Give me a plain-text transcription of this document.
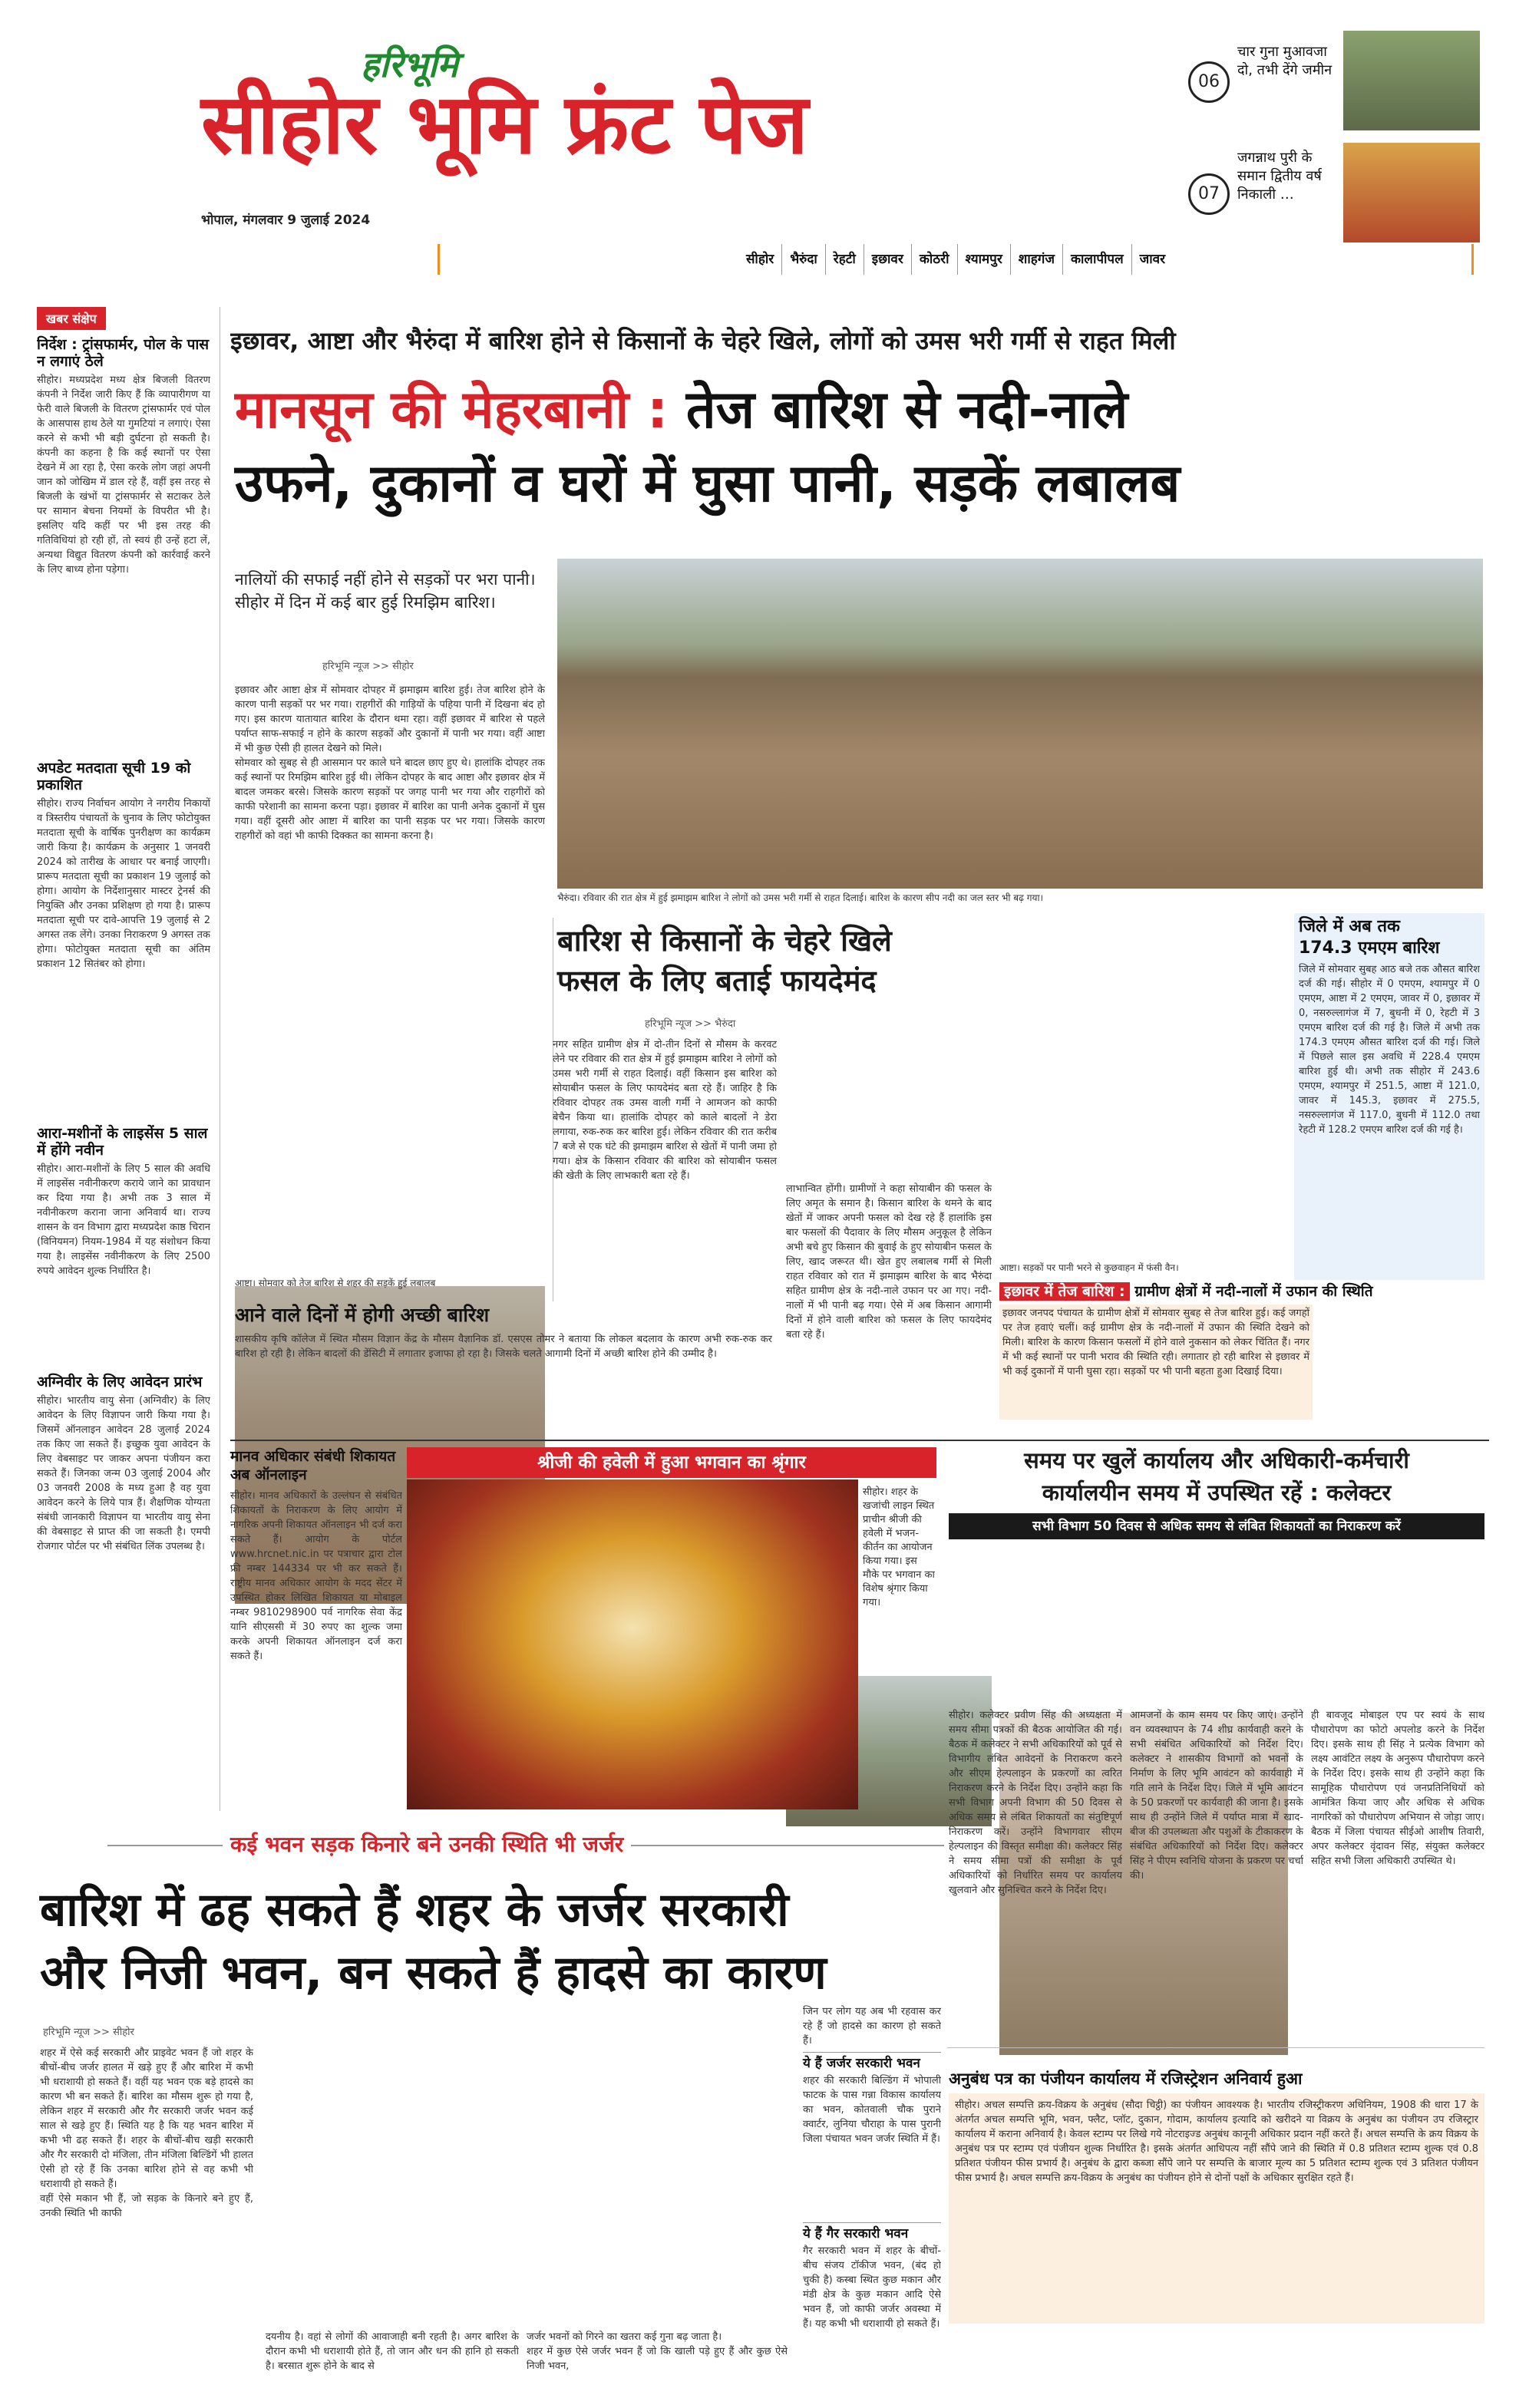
हरिभूमि
सीहोर भूमि फ्रंट पेज
भोपाल, मंगलवार 9 जुलाई 2024
06
चार गुना मुआवजा दो, तभी देंगे जमीन
07
जगन्नाथ पुरी के समान द्वितीय वर्ष निकाली …
सीहोर	भैरुंदा	रेहटी	इछावर	कोठरी	श्यामपुर	शाहगंज	कालापीपल	जावर
खबर संक्षेप
निर्देश : ट्रांसफार्मर, पोल के पास न लगाएं ठेले
सीहोर। मध्यप्रदेश मध्य क्षेत्र बिजली वितरण कंपनी ने निर्देश जारी किए हैं कि व्यापारीगण या फेरी वाले बिजली के वितरण ट्रांसफार्मर एवं पोल के आसपास हाथ ठेले या गुमटियां न लगाएं। ऐसा करने से कभी भी बड़ी दुर्घटना हो सकती है। कंपनी का कहना है कि कई स्थानों पर ऐसा देखने में आ रहा है, ऐसा करके लोग जहां अपनी जान को जोखिम में डाल रहे हैं, वहीं इस तरह से बिजली के खंभों या ट्रांसफार्मर से सटाकर ठेले पर सामान बेचना नियमों के विपरीत भी है। इसलिए यदि कहीं पर भी इस तरह की गतिविधियां हो रही हों, तो स्वयं ही उन्हें हटा लें, अन्यथा विद्युत वितरण कंपनी को कार्रवाई करने के लिए बाध्य होना पड़ेगा।
अपडेट मतदाता सूची 19 को प्रकाशित
सीहोर। राज्य निर्वाचन आयोग ने नगरीय निकायों व त्रिस्तरीय पंचायतों के चुनाव के लिए फोटोयुक्त मतदाता सूची के वार्षिक पुनरीक्षण का कार्यक्रम जारी किया है। कार्यक्रम के अनुसार 1 जनवरी 2024 को तारीख के आधार पर बनाई जाएगी। प्रारूप मतदाता सूची का प्रकाशन 19 जुलाई को होगा। आयोग के निर्देशानुसार मास्टर ट्रेनर्स की नियुक्ति और उनका प्रशिक्षण हो गया है। प्रारूप मतदाता सूची पर दावे-आपत्ति 19 जुलाई से 2 अगस्त तक लेंगे। उनका निराकरण 9 अगस्त तक होगा। फोटोयुक्त मतदाता सूची का अंतिम प्रकाशन 12 सितंबर को होगा।
आरा-मशीनों के लाइसेंस 5 साल में होंगे नवीन
सीहोर। आरा-मशीनों के लिए 5 साल की अवधि में लाइसेंस नवीनीकरण कराये जाने का प्रावधान कर दिया गया है। अभी तक 3 साल में नवीनीकरण कराना जाना अनिवार्य था। राज्य शासन के वन विभाग द्वारा मध्यप्रदेश काष्ठ चिरान (विनियमन) नियम-1984 में यह संशोधन किया गया है। लाइसेंस नवीनीकरण के लिए 2500 रुपये आवेदन शुल्क निर्धारित है।
अग्निवीर के लिए आवेदन प्रारंभ
सीहोर। भारतीय वायु सेना (अग्निवीर) के लिए आवेदन के लिए विज्ञापन जारी किया गया है। जिसमें ऑनलाइन आवेदन 28 जुलाई 2024 तक किए जा सकते हैं। इच्छुक युवा आवेदन के लिए वेबसाइट पर जाकर अपना पंजीयन करा सकते हैं। जिनका जन्म 03 जुलाई 2004 और 03 जनवरी 2008 के मध्य हुआ है वह युवा आवेदन करने के लिये पात्र हैं। शैक्षणिक योग्यता संबंधी जानकारी विज्ञापन या भारतीय वायु सेना की वेबसाइट से प्राप्त की जा सकती है। एमपी रोजगार पोर्टल पर भी संबंधित लिंक उपलब्ध है।
इछावर, आष्टा और भैरुंदा में बारिश होने से किसानों के चेहरे खिले, लोगों को उमस भरी गर्मी से राहत मिली
मानसून की मेहरबानी : तेज बारिश से नदी-नाले
उफने, दुकानों व घरों में घुसा पानी, सड़कें लबालब
नालियों की सफाई नहीं होने से सड़कों पर भरा पानी। सीहोर में दिन में कई बार हुई रिमझिम बारिश।
हरिभूमि न्यूज >> सीहोर
इछावर और आष्टा क्षेत्र में सोमवार दोपहर में झमाझम बारिश हुई। तेज बारिश होने के कारण पानी सड़कों पर भर गया। राहगीरों की गाड़ियों के पहिया पानी में दिखना बंद हो गए। इस कारण यातायात बारिश के दौरान थमा रहा। वहीं इछावर में बारिश से पहले पर्याप्त साफ-सफाई न होने के कारण सड़कों और दुकानों में पानी भर गया। वहीं आष्टा में भी कुछ ऐसी ही हालत देखने को मिले।
सोमवार को सुबह से ही आसमान पर काले घने बादल छाए हुए थे। हालांकि दोपहर तक कई स्थानों पर रिमझिम बारिश हुई थी। लेकिन दोपहर के बाद आष्टा और इछावर क्षेत्र में बादल जमकर बरसे। जिसके कारण सड़कों पर जगह पानी भर गया और राहगीरों को काफी परेशानी का सामना करना पड़ा। इछावर में बारिश का पानी अनेक दुकानों में घुस गया। वहीं दूसरी ओर आष्टा में बारिश का पानी सड़क पर भर गया। जिसके कारण राहगीरों को वहां भी काफी दिक्कत का सामना करना है।
भैरुंदा। रविवार की रात क्षेत्र में हुई झमाझम बारिश ने लोगों को उमस भरी गर्मी से राहत दिलाई। बारिश के कारण सीप नदी का जल स्तर भी बढ़ गया।
आष्टा। सोमवार को तेज बारिश से शहर की सड़कें हुई लबालब
आने वाले दिनों में होगी अच्छी बारिश
शासकीय कृषि कॉलेज में स्थित मौसम विज्ञान केंद्र के मौसम वैज्ञानिक डॉ. एसएस तोमर ने बताया कि लोकल बदलाव के कारण अभी रुक-रुक कर बारिश हो रही है। लेकिन बादलों की डेंसिटी में लगातार इजाफा हो रहा है। जिसके चलते आगामी दिनों में अच्छी बारिश होने की उम्मीद है।
बारिश से किसानों के चेहरे खिले
फसल के लिए बताई फायदेमंद
हरिभूमि न्यूज >> भैरुंदा
नगर सहित ग्रामीण क्षेत्र में दो-तीन दिनों से मौसम के करवट लेने पर रविवार की रात क्षेत्र में हुई झमाझम बारिश ने लोगों को उमस भरी गर्मी से राहत दिलाई। वहीं किसान इस बारिश को सोयाबीन फसल के लिए फायदेमंद बता रहे हैं। जाहिर है कि रविवार दोपहर तक उमस वाली गर्मी ने आमजन को काफी बेचैन किया था। हालांकि दोपहर को काले बादलों ने डेरा लगाया, रुक-रुक कर बारिश हुई। लेकिन रविवार की रात करीब 7 बजे से एक घंटे की झमाझम बारिश से खेतों में पानी जमा हो गया। क्षेत्र के किसान रविवार की बारिश को सोयाबीन फसल की खेती के लिए लाभकारी बता रहे हैं।
लाभान्वित होंगी। ग्रामीणों ने कहा सोयाबीन की फसल के लिए अमृत के समान है। किसान बारिश के थमने के बाद खेतों में जाकर अपनी फसल को देख रहे हैं हालांकि इस बार फसलों की पैदावार के लिए मौसम अनुकूल है लेकिन अभी बचे हुए किसान की बुवाई के हुए सोयाबीन फसल के लिए, खाद जरूरत थी। खेत हुए लबालब गर्मी से मिली राहत रविवार को रात में झमाझम बारिश के बाद भैरुंदा सहित ग्रामीण क्षेत्र के नदी-नाले उफान पर आ गए। नदी-नालों में भी पानी बढ़ गया। ऐसे में अब किसान आगामी दिनों में होने वाली बारिश को फसल के लिए फायदेमंद बता रहे हैं।
आष्टा। सड़कों पर पानी भरने से कुछवाहन में फंसी वैन।
जिले में अब तक
174.3 एमएम बारिश
जिले में सोमवार सुबह आठ बजे तक औसत बारिश दर्ज की गई। सीहोर में 0 एमएम, श्यामपुर में 0 एमएम, आष्टा में 2 एमएम, जावर में 0, इछावर में 0, नसरुल्लागंज में 7, बुधनी में 0, रेहटी में 3 एमएम बारिश दर्ज की गई है। जिले में अभी तक 174.3 एमएम औसत बारिश दर्ज की गई। जिले में पिछले साल इस अवधि में 228.4 एमएम बारिश हुई थी। अभी तक सीहोर में 243.6 एमएम, श्यामपुर में 251.5, आष्टा में 121.0, जावर में 145.3, इछावर में 275.5, नसरुल्लागंज में 117.0, बुधनी में 112.0 तथा रेहटी में 128.2 एमएम बारिश दर्ज की गई है।
इछावर में तेज बारिश : ग्रामीण क्षेत्रों में नदी-नालों में उफान की स्थिति
इछावर जनपद पंचायत के ग्रामीण क्षेत्रों में सोमवार सुबह से तेज बारिश हुई। कई जगहों पर तेज हवाएं चलीं। कई ग्रामीण क्षेत्र के नदी-नालों में उफान की स्थिति देखने को मिली। बारिश के कारण किसान फसलों में होने वाले नुकसान को लेकर चिंतित हैं। नगर में भी कई स्थानों पर पानी भराव की स्थिति रही। लगातार हो रही बारिश से इछावर में भी कई दुकानों में पानी घुसा रहा। सड़कों पर भी पानी बहता हुआ दिखाई दिया।
मानव अधिकार संबंधी शिकायत अब ऑनलाइन
सीहोर। मानव अधिकारों के उल्लंघन से संबंधित शिकायतों के निराकरण के लिए आयोग में नागरिक अपनी शिकायत ऑनलाइन भी दर्ज करा सकते हैं। आयोग के पोर्टल www.hrcnet.nic.in पर पत्राचार द्वारा टोल फ्री नम्बर 144334 पर भी कर सकते हैं। राष्ट्रीय मानव अधिकार आयोग के मदद सेंटर में उपस्थित होकर लिखित शिकायत या मोबाइल नम्बर 9810298900 पर्व नागरिक सेवा केंद्र यानि सीएससी में 30 रुपए का शुल्क जमा करके अपनी शिकायत ऑनलाइन दर्ज करा सकते हैं।
श्रीजी की हवेली में हुआ भगवान का श्रृंगार
सीहोर। शहर के खजांची लाइन स्थित प्राचीन श्रीजी की हवेली में भजन-कीर्तन का आयोजन किया गया। इस मौके पर भगवान का विशेष श्रृंगार किया गया।
समय पर खुलें कार्यालय और अधिकारी-कर्मचारी
कार्यालयीन समय में उपस्थित रहें : कलेक्टर
सभी विभाग 50 दिवस से अधिक समय से लंबित शिकायतों का निराकरण करें
सीहोर। कलेक्टर प्रवीण सिंह की अध्यक्षता में समय सीमा पत्रकों की बैठक आयोजित की गई। बैठक में कलेक्टर ने सभी अधिकारियों को पूर्व से विभागीय लंबित आवेदनों के निराकरण करने और सीएम हेल्पलाइन के प्रकरणों का त्वरित निराकरण करने के निर्देश दिए। उन्होंने कहा कि सभी विभाग अपनी विभाग की 50 दिवस से अधिक समय से लंबित शिकायतों का संतुष्टिपूर्ण निराकरण करें। उन्होंने विभागवार सीएम हेल्पलाइन की विस्तृत समीक्षा की। कलेक्टर सिंह ने समय सीमा पत्रों की समीक्षा के पूर्व अधिकारियों को निर्धारित समय पर कार्यालय खुलवाने और सुनिश्चित करने के निर्देश दिए।
आमजनों के काम समय पर किए जाएं। उन्होंने वन व्यवस्थापन के 74 शीघ्र कार्यवाही करने के सभी संबंधित अधिकारियों को निर्देश दिए। कलेक्टर ने शासकीय विभागों को भवनों के निर्माण के लिए भूमि आवंटन को कार्यवाही में गति लाने के निर्देश दिए। जिले में भूमि आवंटन के 50 प्रकरणों पर कार्यवाही की जाना है। इसके साथ ही उन्होंने जिले में पर्याप्त मात्रा में खाद-बीज की उपलब्धता और पशुओं के टीकाकरण के संबंधित अधिकारियों को निर्देश दिए। कलेक्टर सिंह ने पीएम स्वनिधि योजना के प्रकरण पर चर्चा की।
ही बावजूद मोबाइल एप पर स्वयं के साथ पौधारोपण का फोटो अपलोड करने के निर्देश दिए। इसके साथ ही सिंह ने प्रत्येक विभाग को लक्ष्य आवंटित लक्ष्य के अनुरूप पौधारोपण करने के निर्देश दिए। इसके साथ ही उन्होंने कहा कि सामूहिक पौधारोपण एवं जनप्रतिनिधियों को आमंत्रित किया जाए और अधिक से अधिक नागरिकों को पौधारोपण अभियान से जोड़ा जाए। बैठक में जिला पंचायत सीईओ आशीष तिवारी, अपर कलेक्टर वृंदावन सिंह, संयुक्त कलेक्टर सहित सभी जिला अधिकारी उपस्थित थे।
कई भवन सड़क किनारे बने उनकी स्थिति भी जर्जर
बारिश में ढह सकते हैं शहर के जर्जर सरकारी
और निजी भवन, बन सकते हैं हादसे का कारण
हरिभूमि न्यूज >> सीहोर
शहर में ऐसे कई सरकारी और प्राइवेट भवन हैं जो शहर के बीचों-बीच जर्जर हालत में खड़े हुए हैं और बारिश में कभी भी धराशायी हो सकते हैं। वहीं यह भवन एक बड़े हादसे का कारण भी बन सकते हैं। बारिश का मौसम शुरू हो गया है, लेकिन शहर में सरकारी और गैर सरकारी जर्जर भवन कई साल से खड़े हुए हैं। स्थिति यह है कि यह भवन बारिश में कभी भी ढह सकते हैं। शहर के बीचों-बीच खड़ी सरकारी और गैर सरकारी दो मंजिला, तीन मंजिला बिल्डिंगें भी हालत ऐसी हो रहे हैं कि उनका बारिश होने से वह कभी भी धराशायी हो सकते हैं।
वहीं ऐसे मकान भी हैं, जो सड़क के किनारे बने हुए हैं, उनकी स्थिति भी काफी
दयनीय है। वहां से लोगों की आवाजाही बनी रहती है। अगर बारिश के दौरान कभी भी धराशायी होते हैं, तो जान और धन की हानि हो सकती है। बरसात शुरू होने के बाद से
जर्जर भवनों को गिरने का खतरा कई गुना बढ़ जाता है।
शहर में कुछ ऐसे जर्जर भवन हैं जो कि खाली पड़े हुए हैं और कुछ ऐसे निजी भवन,
जिन पर लोग यह अब भी रहवास कर रहे हैं जो हादसे का कारण हो सकते हैं।
ये हैं जर्जर सरकारी भवन
शहर की सरकारी बिल्डिंग में भोपाली फाटक के पास गन्ना विकास कार्यालय का भवन, कोतवाली चौक पुराने क्वार्टर, लुनिया चौराहा के पास पुरानी जिला पंचायत भवन जर्जर स्थिति में हैं।
ये हैं गैर सरकारी भवन
गैर सरकारी भवन में शहर के बीचों-बीच संजय टॉकीज भवन, (बंद हो चुकी है) कस्बा स्थित कुछ मकान और मंडी क्षेत्र के कुछ मकान आदि ऐसे भवन हैं, जो काफी जर्जर अवस्था में हैं। यह कभी भी धराशायी हो सकते हैं।
अनुबंध पत्र का पंजीयन कार्यालय में रजिस्ट्रेशन अनिवार्य हुआ
सीहोर। अचल सम्पत्ति क्रय-विक्रय के अनुबंध (सौदा चिट्ठी) का पंजीयन आवश्यक है। भारतीय रजिस्ट्रीकरण अधिनियम, 1908 की धारा 17 के अंतर्गत अचल सम्पत्ति भूमि, भवन, फ्लैट, प्लॉट, दुकान, गोदाम, कार्यालय इत्यादि को खरीदने या विक्रय के अनुबंध का पंजीयन उप रजिस्ट्रार कार्यालय में कराना अनिवार्य है। केवल स्टाम्प पर लिखे गये नोटराइज्ड अनुबंध कानूनी अधिकार प्रदान नहीं करते हैं। अचल सम्पत्ति के क्रय विक्रय के अनुबंध पत्र पर स्टाम्प एवं पंजीयन शुल्क निर्धारित है। इसके अंतर्गत आधिपत्य नहीं सौंपे जाने की स्थिति में 0.8 प्रतिशत स्टाम्प शुल्क एवं 0.8 प्रतिशत पंजीयन फीस प्रभार्य है। अनुबंध के द्वारा कब्जा सौंपे जाने पर सम्पत्ति के बाजार मूल्य का 5 प्रतिशत स्टाम्प शुल्क एवं 3 प्रतिशत पंजीयन फीस प्रभार्य है। अचल सम्पत्ति क्रय-विक्रय के अनुबंध का पंजीयन होने से दोनों पक्षों के अधिकार सुरक्षित रहते हैं।
